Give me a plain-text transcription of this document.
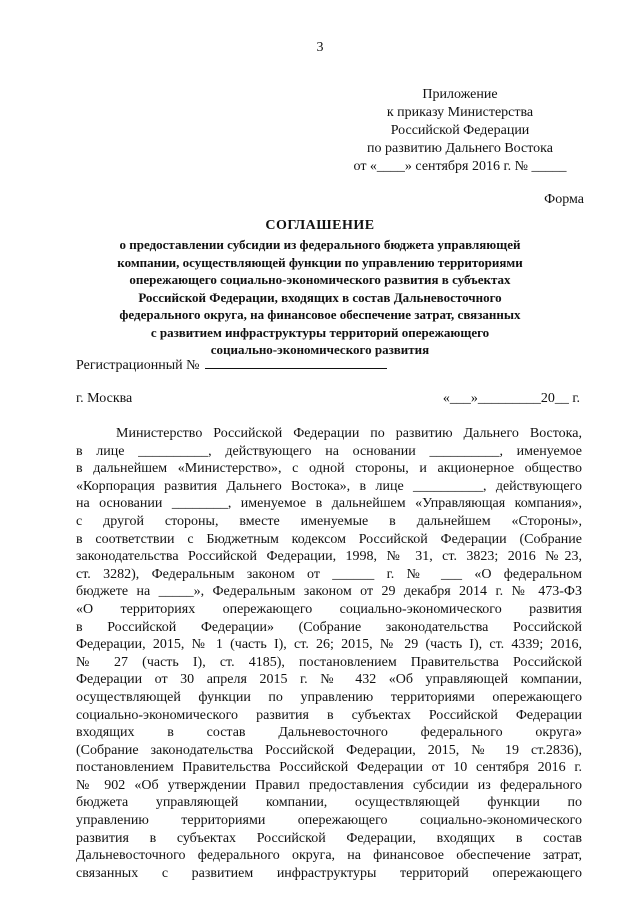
3
Приложение
к приказу Министерства
Российской Федерации
по развитию Дальнего Востока
от «____» сентября 2016 г. № _____
Форма
СОГЛАШЕНИЕ
о предоставлении субсидии из федерального бюджета управляющей
компании, осуществляющей функции по управлению территориями
опережающего социально-экономического развития в субъектах
Российской Федерации, входящих в состав Дальневосточного
федерального округа, на финансовое обеспечение затрат, связанных
с развитием инфраструктуры территорий опережающего
социально-экономического развития
Регистрационный №
г. Москва	«___»_________20__ г.
Министерство Российской Федерации по развитию Дальнего Востока,
в лице __________, действующего на основании __________, именуемое
в дальнейшем «Министерство», с одной стороны, и акционерное общество
«Корпорация развития Дальнего Востока», в лице __________, действующего
на основании ________, именуемое в дальнейшем «Управляющая компания»,
с другой стороны, вместе именуемые в дальнейшем «Стороны»,
в соответствии с Бюджетным кодексом Российской Федерации (Собрание
законодательства Российской Федерации, 1998, № 31, ст. 3823; 2016 №23,
ст. 3282), Федеральным законом от ______ г. № ___ «О федеральном
бюджете на _____», Федеральным законом от 29 декабря 2014 г. № 473-ФЗ
«О территориях опережающего социально-экономического развития
в Российской Федерации» (Собрание законодательства Российской
Федерации, 2015, № 1 (часть I), ст. 26; 2015, № 29 (часть I), ст. 4339; 2016,
№ 27 (часть I), ст. 4185), постановлением Правительства Российской
Федерации от 30 апреля 2015 г. № 432 «Об управляющей компании,
осуществляющей функции по управлению территориями опережающего
социально-экономического развития в субъектах Российской Федерации
входящих в состав Дальневосточного федерального округа»
(Собрание законодательства Российской Федерации, 2015, № 19 ст.2836),
постановлением Правительства Российской Федерации от 10 сентября 2016 г.
№ 902 «Об утверждении Правил предоставления субсидии из федерального
бюджета управляющей компании, осуществляющей функции по
управлению территориями опережающего социально-экономического
развития в субъектах Российской Федерации, входящих в состав
Дальневосточного федерального округа, на финансовое обеспечение затрат,
связанных с развитием инфраструктуры территорий опережающего
